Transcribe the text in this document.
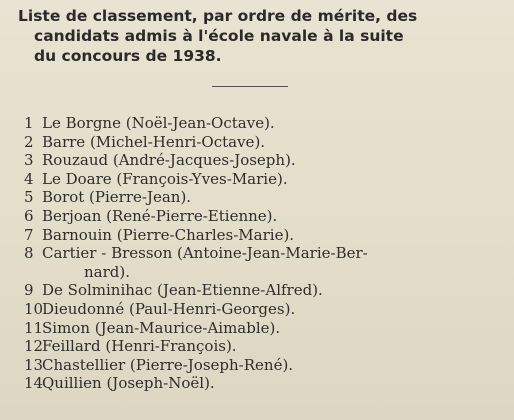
Liste de classement, par ordre de mérite, des
candidats admis à l'école navale à la suite
du concours de 1938.
1 Le Borgne (Noël-Jean-Octave).
2 Barre (Michel-Henri-Octave).
3 Rouzaud (André-Jacques-Joseph).
4 Le Doare (François-Yves-Marie).
5 Borot (Pierre-Jean).
6 Berjoan (René-Pierre-Etienne).
7 Barnouin (Pierre-Charles-Marie).
8 Cartier - Bresson (Antoine-Jean-Marie-Ber-
nard).
9 De Solminihac (Jean-Etienne-Alfred).
10Dieudonné (Paul-Henri-Georges).
11Simon (Jean-Maurice-Aimable).
12Feillard (Henri-François).
13Chastellier (Pierre-Joseph-René).
14Quillien (Joseph-Noël).
